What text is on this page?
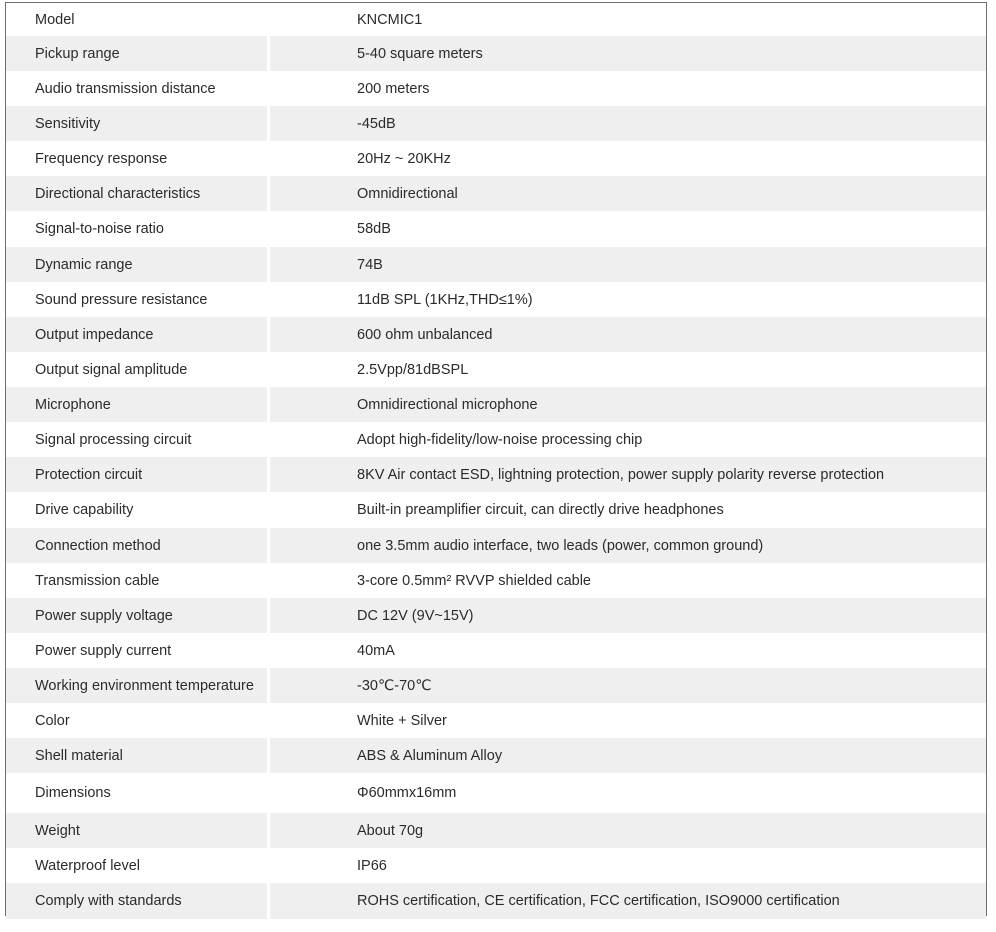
Model	KNCMIC1
Pickup range	5-40 square meters
Audio transmission distance	200 meters
Sensitivity	-45dB
Frequency response	20Hz ~ 20KHz
Directional characteristics	Omnidirectional
Signal-to-noise ratio	58dB
Dynamic range	74B
Sound pressure resistance	11dB SPL (1KHz,THD≤1%)
Output impedance	600 ohm unbalanced
Output signal amplitude	2.5Vpp/81dBSPL
Microphone	Omnidirectional microphone
Signal processing circuit	Adopt high-fidelity/low-noise processing chip
Protection circuit	8KV Air contact ESD, lightning protection, power supply polarity reverse protection
Drive capability	Built-in preamplifier circuit, can directly drive headphones
Connection method	one 3.5mm audio interface, two leads (power, common ground)
Transmission cable	3-core 0.5mm² RVVP shielded cable
Power supply voltage	DC 12V (9V~15V)
Power supply current	40mA
Working environment temperature	-30℃-70℃
Color	White + Silver
Shell material	ABS & Aluminum Alloy
Dimensions	Φ60mmx16mm
Weight	About 70g
Waterproof level	IP66
Comply with standards	ROHS certification, CE certification, FCC certification, ISO9000 certification
